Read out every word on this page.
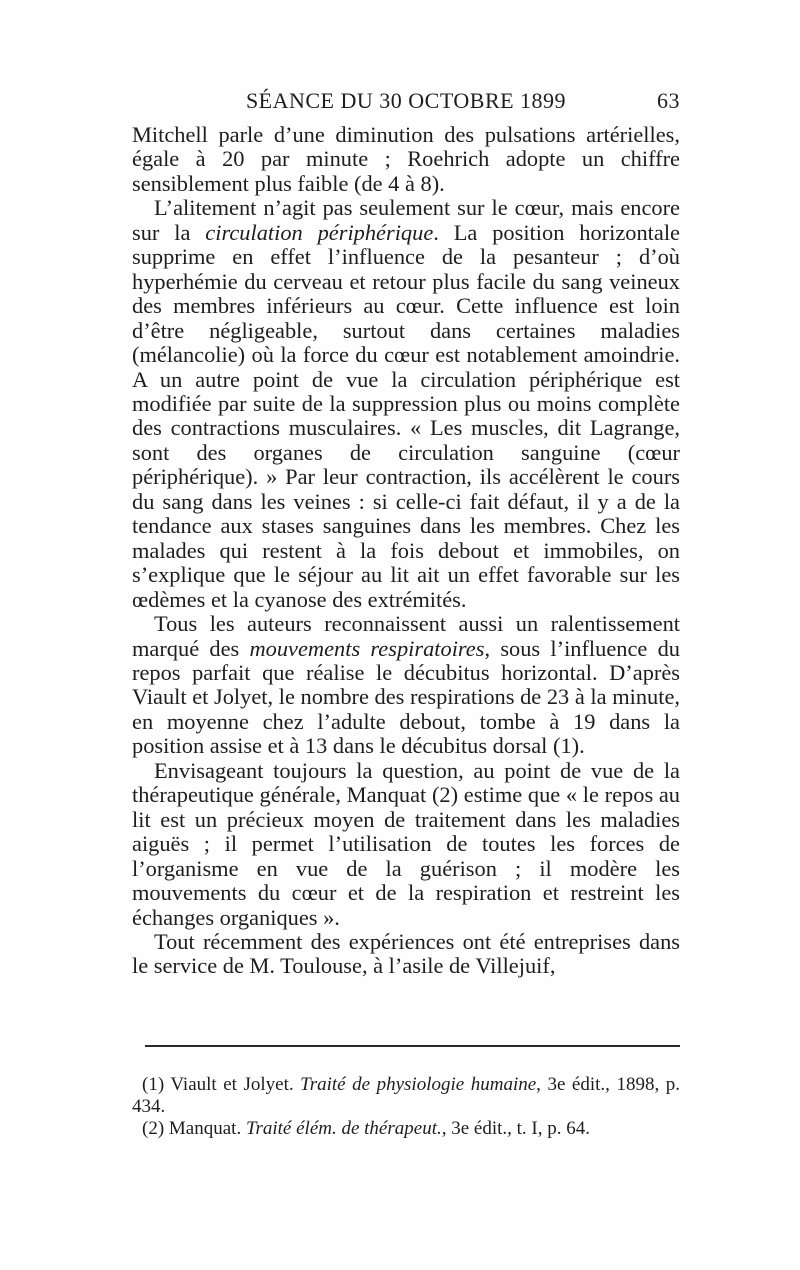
SÉANCE DU 30 OCTOBRE 1899	63

Mitchell parle d’une diminution des pulsations artérielles, égale à 20 par minute ; Roehrich adopte un chiffre sensiblement plus faible (de 4 à 8).

L’alitement n’agit pas seulement sur le cœur, mais encore sur la circulation périphérique. La position horizontale supprime en effet l’influence de la pesanteur ; d’où hyperhémie du cerveau et retour plus facile du sang veineux des membres inférieurs au cœur. Cette influence est loin d’être négligeable, surtout dans certaines maladies (mélancolie) où la force du cœur est notablement amoindrie. A un autre point de vue la circulation périphérique est modifiée par suite de la suppression plus ou moins complète des contractions musculaires. « Les muscles, dit Lagrange, sont des organes de circulation sanguine (cœur périphérique). » Par leur contraction, ils accélèrent le cours du sang dans les veines : si celle-ci fait défaut, il y a de la tendance aux stases sanguines dans les membres. Chez les malades qui restent à la fois debout et immobiles, on s’explique que le séjour au lit ait un effet favorable sur les œdèmes et la cyanose des extrémités.

Tous les auteurs reconnaissent aussi un ralentissement marqué des mouvements respiratoires, sous l’influence du repos parfait que réalise le décubitus horizontal. D’après Viault et Jolyet, le nombre des respirations de 23 à la minute, en moyenne chez l’adulte debout, tombe à 19 dans la position assise et à 13 dans le décubitus dorsal (1).

Envisageant toujours la question, au point de vue de la thérapeutique générale, Manquat (2) estime que « le repos au lit est un précieux moyen de traitement dans les maladies aiguës ; il permet l’utilisation de toutes les forces de l’organisme en vue de la guérison ; il modère les mouvements du cœur et de la respiration et restreint les échanges organiques ».

Tout récemment des expériences ont été entreprises dans le service de M. Toulouse, à l’asile de Villejuif,

(1) Viault et Jolyet. Traité de physiologie humaine, 3e édit., 1898, p. 434.

(2) Manquat. Traité élém. de thérapeut., 3e édit., t. I, p. 64.
